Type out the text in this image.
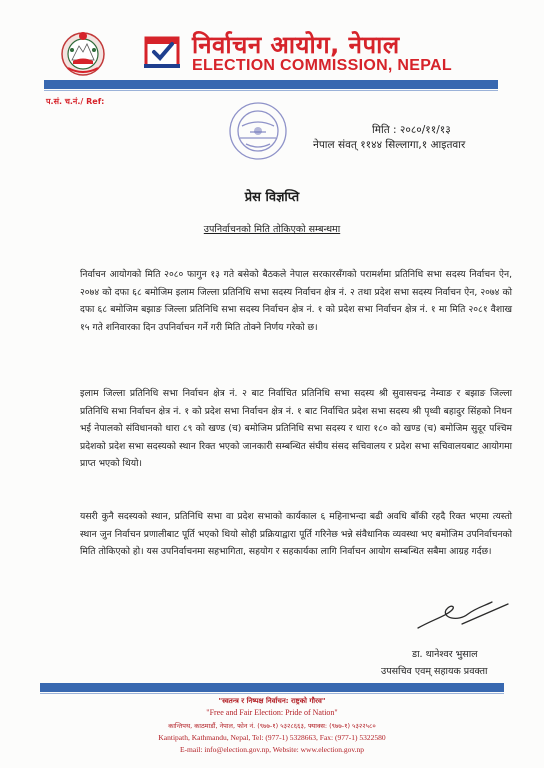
निर्वाचन आयोग, नेपाल
ELECTION COMMISSION, NEPAL
प.सं. च.नं./ Ref:
मिति : २०८०/११/१३
नेपाल संवत् ११४४ सिल्लागा,१ आइतवार
प्रेस विज्ञप्ति
उपनिर्वाचनको मिति तोकिएको सम्बन्धमा

निर्वाचन आयोगको मिति २०८० फागुन १३ गते बसेको बैठकले नेपाल सरकारसँगको परामर्शमा प्रतिनिधि सभा सदस्य निर्वाचन ऐन, २०७४ को दफा ६८ बमोजिम इलाम जिल्ला प्रतिनिधि सभा सदस्य निर्वाचन क्षेत्र नं. २ तथा प्रदेश सभा सदस्य निर्वाचन ऐन, २०७४ को दफा ६८ बमोजिम बझाङ जिल्ला प्रतिनिधि सभा सदस्य निर्वाचन क्षेत्र नं. १ को प्रदेश सभा निर्वाचन क्षेत्र नं. १ मा मिति २०८१ वैशाख १५ गते शनिवारका दिन उपनिर्वाचन गर्ने गरी मिति तोक्ने निर्णय गरेको छ।

इलाम जिल्ला प्रतिनिधि सभा निर्वाचन क्षेत्र नं. २ बाट निर्वाचित प्रतिनिधि सभा सदस्य श्री सुवासचन्द्र नेम्वाङ र बझाङ जिल्ला प्रतिनिधि सभा निर्वाचन क्षेत्र नं. १ को प्रदेश सभा निर्वाचन क्षेत्र नं. १ बाट निर्वाचित प्रदेश सभा सदस्य श्री पृथ्वी बहादुर सिंहको निधन भई नेपालको संविधानको धारा ८९ को खण्ड (च) बमोजिम प्रतिनिधि सभा सदस्य र धारा १८० को खण्ड (च) बमोजिम सुदूर पश्चिम प्रदेशको प्रदेश सभा सदस्यको स्थान रिक्त भएको जानकारी सम्बन्धित संघीय संसद सचिवालय र प्रदेश सभा सचिवालयबाट आयोगमा प्राप्त भएको थियो।

यसरी कुनै सदस्यको स्थान, प्रतिनिधि सभा वा प्रदेश सभाको कार्यकाल ६ महिनाभन्दा बढी अवधि बाँकी रहदै रिक्त भएमा त्यस्तो स्थान जुन निर्वाचन प्रणालीबाट पूर्ति भएको थियो सोही प्रक्रियाद्वारा पूर्ति गरिनेछ भन्ने संवैधानिक व्यवस्था भए बमोजिम उपनिर्वाचनको मिति तोकिएको हो। यस उपनिर्वाचनमा सहभागिता, सहयोग र सहकार्यका लागि निर्वाचन आयोग सम्बन्धित सबैमा आग्रह गर्दछ।

डा. थानेश्वर भुसाल
उपसचिव एवम् सहायक प्रवक्ता
"स्वतन्त्र र निष्पक्ष निर्वाचन: राष्ट्रको गौरव"
"Free and Fair Election: Pride of Nation"
कान्तिपथ, काठमाडौं, नेपाल, फोन नं. (९७७-१) ५३२८६६३, फ्याक्स: (९७७-१) ५३२२५८०
Kantipath, Kathmandu, Nepal, Tel: (977-1) 5328663, Fax: (977-1) 5322580
E-mail: info@election.gov.np, Website: www.election.gov.np
